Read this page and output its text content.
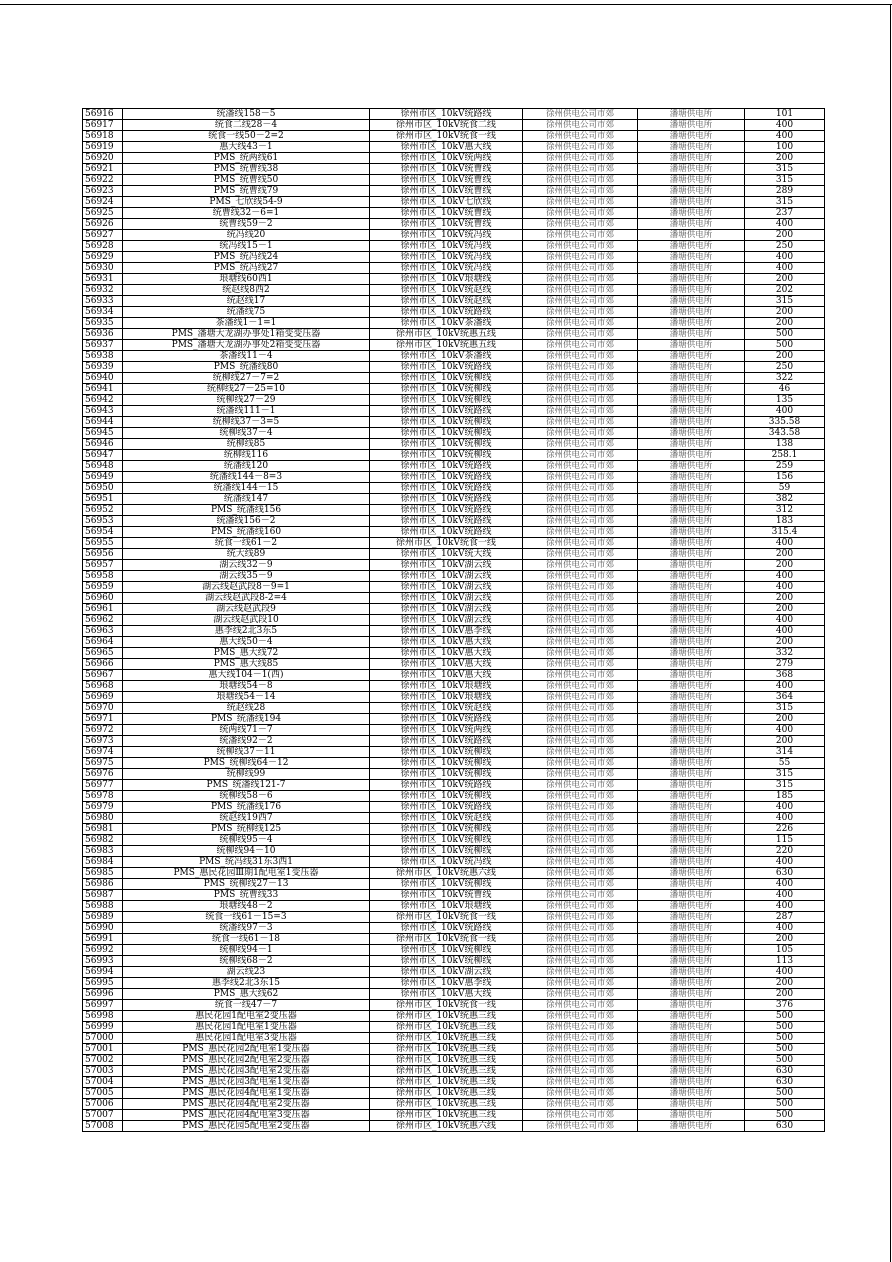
56916	统潘线158－5	徐州市区_10kV统路线	徐州供电公司市郊	潘塘供电所	101
56917	统食二线28－4	徐州市区_10kV统食二线	徐州供电公司市郊	潘塘供电所	400
56918	统食一线50－2=2	徐州市区_10kV统食一线	徐州供电公司市郊	潘塘供电所	400
56919	惠大线43－1	徐州市区_10kV惠大线	徐州供电公司市郊	潘塘供电所	100
56920	PMS_统两线61	徐州市区_10kV统两线	徐州供电公司市郊	潘塘供电所	200
56921	PMS_统曹线38	徐州市区_10kV统曹线	徐州供电公司市郊	潘塘供电所	315
56922	PMS_统曹线50	徐州市区_10kV统曹线	徐州供电公司市郊	潘塘供电所	315
56923	PMS_统曹线79	徐州市区_10kV统曹线	徐州供电公司市郊	潘塘供电所	289
56924	PMS_七欣线54-9	徐州市区_10kV七欣线	徐州供电公司市郊	潘塘供电所	315
56925	统曹线32－6=1	徐州市区_10kV统曹线	徐州供电公司市郊	潘塘供电所	237
56926	统曹线59－2	徐州市区_10kV统曹线	徐州供电公司市郊	潘塘供电所	400
56927	统冯线20	徐州市区_10kV统冯线	徐州供电公司市郊	潘塘供电所	200
56928	统冯线15－1	徐州市区_10kV统冯线	徐州供电公司市郊	潘塘供电所	250
56929	PMS_统冯线24	徐州市区_10kV统冯线	徐州供电公司市郊	潘塘供电所	400
56930	PMS_统冯线27	徐州市区_10kV统冯线	徐州供电公司市郊	潘塘供电所	400
56931	琅塘线60西1	徐州市区_10kV琅塘线	徐州供电公司市郊	潘塘供电所	200
56932	统赵线8西2	徐州市区_10kV统赵线	徐州供电公司市郊	潘塘供电所	202
56933	统赵线17	徐州市区_10kV统赵线	徐州供电公司市郊	潘塘供电所	315
56934	统潘线75	徐州市区_10kV统路线	徐州供电公司市郊	潘塘供电所	200
56935	茶潘线1－1=1	徐州市区_10kV茶潘线	徐州供电公司市郊	潘塘供电所	200
56936	PMS_潘塘大龙湖办事处1箱变变压器	徐州市区_10kV统惠五线	徐州供电公司市郊	潘塘供电所	500
56937	PMS_潘塘大龙湖办事处2箱变变压器	徐州市区_10kV统惠五线	徐州供电公司市郊	潘塘供电所	500
56938	茶潘线11－4	徐州市区_10kV茶潘线	徐州供电公司市郊	潘塘供电所	200
56939	PMS_统潘线80	徐州市区_10kV统路线	徐州供电公司市郊	潘塘供电所	250
56940	统柳线27－7=2	徐州市区_10kV统柳线	徐州供电公司市郊	潘塘供电所	322
56941	统柳线27－25=10	徐州市区_10kV统柳线	徐州供电公司市郊	潘塘供电所	46
56942	统柳线27－29	徐州市区_10kV统柳线	徐州供电公司市郊	潘塘供电所	135
56943	统潘线111－1	徐州市区_10kV统路线	徐州供电公司市郊	潘塘供电所	400
56944	统柳线37－3=5	徐州市区_10kV统柳线	徐州供电公司市郊	潘塘供电所	335.58
56945	统柳线37－4	徐州市区_10kV统柳线	徐州供电公司市郊	潘塘供电所	343.58
56946	统柳线85	徐州市区_10kV统柳线	徐州供电公司市郊	潘塘供电所	138
56947	统柳线116	徐州市区_10kV统柳线	徐州供电公司市郊	潘塘供电所	258.1
56948	统潘线120	徐州市区_10kV统路线	徐州供电公司市郊	潘塘供电所	259
56949	统潘线144－8=3	徐州市区_10kV统路线	徐州供电公司市郊	潘塘供电所	156
56950	统潘线144－15	徐州市区_10kV统路线	徐州供电公司市郊	潘塘供电所	59
56951	统潘线147	徐州市区_10kV统路线	徐州供电公司市郊	潘塘供电所	382
56952	PMS_统潘线156	徐州市区_10kV统路线	徐州供电公司市郊	潘塘供电所	312
56953	统潘线156－2	徐州市区_10kV统路线	徐州供电公司市郊	潘塘供电所	183
56954	PMS_统潘线160	徐州市区_10kV统路线	徐州供电公司市郊	潘塘供电所	315.4
56955	统食一线61－2	徐州市区_10kV统食一线	徐州供电公司市郊	潘塘供电所	400
56956	统大线89	徐州市区_10kV统大线	徐州供电公司市郊	潘塘供电所	200
56957	湖云线32－9	徐州市区_10kV湖云线	徐州供电公司市郊	潘塘供电所	200
56958	湖云线35－9	徐州市区_10kV湖云线	徐州供电公司市郊	潘塘供电所	400
56959	湖云线赵武段8－9=1	徐州市区_10kV湖云线	徐州供电公司市郊	潘塘供电所	400
56960	湖云线赵武段8-2=4	徐州市区_10kV湖云线	徐州供电公司市郊	潘塘供电所	200
56961	湖云线赵武段9	徐州市区_10kV湖云线	徐州供电公司市郊	潘塘供电所	200
56962	湖云线赵武段10	徐州市区_10kV湖云线	徐州供电公司市郊	潘塘供电所	400
56963	惠李线2北3东5	徐州市区_10kV惠李线	徐州供电公司市郊	潘塘供电所	400
56964	惠大线50－4	徐州市区_10kV惠大线	徐州供电公司市郊	潘塘供电所	200
56965	PMS_惠大线72	徐州市区_10kV惠大线	徐州供电公司市郊	潘塘供电所	332
56966	PMS_惠大线85	徐州市区_10kV惠大线	徐州供电公司市郊	潘塘供电所	279
56967	惠大线104－1(西)	徐州市区_10kV惠大线	徐州供电公司市郊	潘塘供电所	368
56968	琅塘线54－8	徐州市区_10kV琅塘线	徐州供电公司市郊	潘塘供电所	400
56969	琅塘线54－14	徐州市区_10kV琅塘线	徐州供电公司市郊	潘塘供电所	364
56970	统赵线28	徐州市区_10kV统赵线	徐州供电公司市郊	潘塘供电所	315
56971	PMS_统潘线194	徐州市区_10kV统路线	徐州供电公司市郊	潘塘供电所	200
56972	统两线71－7	徐州市区_10kV统两线	徐州供电公司市郊	潘塘供电所	400
56973	统潘线92－2	徐州市区_10kV统路线	徐州供电公司市郊	潘塘供电所	200
56974	统柳线37－11	徐州市区_10kV统柳线	徐州供电公司市郊	潘塘供电所	314
56975	PMS_统柳线64－12	徐州市区_10kV统柳线	徐州供电公司市郊	潘塘供电所	55
56976	统柳线99	徐州市区_10kV统柳线	徐州供电公司市郊	潘塘供电所	315
56977	PMS_统潘线121-7	徐州市区_10kV统路线	徐州供电公司市郊	潘塘供电所	315
56978	统柳线58－6	徐州市区_10kV统柳线	徐州供电公司市郊	潘塘供电所	185
56979	PMS_统潘线176	徐州市区_10kV统路线	徐州供电公司市郊	潘塘供电所	400
56980	统赵线19西7	徐州市区_10kV统赵线	徐州供电公司市郊	潘塘供电所	400
56981	PMS_统柳线125	徐州市区_10kV统柳线	徐州供电公司市郊	潘塘供电所	226
56982	统柳线95－4	徐州市区_10kV统柳线	徐州供电公司市郊	潘塘供电所	115
56983	统柳线94－10	徐州市区_10kV统柳线	徐州供电公司市郊	潘塘供电所	220
56984	PMS_统冯线31东3西1	徐州市区_10kV统冯线	徐州供电公司市郊	潘塘供电所	400
56985	PMS_惠民花园Ⅲ期1配电室1变压器	徐州市区_10kV统惠六线	徐州供电公司市郊	潘塘供电所	630
56986	PMS_统柳线27－13	徐州市区_10kV统柳线	徐州供电公司市郊	潘塘供电所	400
56987	PMS_统曹线33	徐州市区_10kV统曹线	徐州供电公司市郊	潘塘供电所	400
56988	琅塘线48－2	徐州市区_10kV琅塘线	徐州供电公司市郊	潘塘供电所	400
56989	统食一线61－15=3	徐州市区_10kV统食一线	徐州供电公司市郊	潘塘供电所	287
56990	统潘线97－3	徐州市区_10kV统路线	徐州供电公司市郊	潘塘供电所	400
56991	统食一线61－18	徐州市区_10kV统食一线	徐州供电公司市郊	潘塘供电所	200
56992	统柳线94－1	徐州市区_10kV统柳线	徐州供电公司市郊	潘塘供电所	105
56993	统柳线68－2	徐州市区_10kV统柳线	徐州供电公司市郊	潘塘供电所	113
56994	湖云线23	徐州市区_10kV湖云线	徐州供电公司市郊	潘塘供电所	400
56995	惠李线2北3东15	徐州市区_10kV惠李线	徐州供电公司市郊	潘塘供电所	200
56996	PMS_惠大线62	徐州市区_10kV惠大线	徐州供电公司市郊	潘塘供电所	200
56997	统食一线47－7	徐州市区_10kV统食一线	徐州供电公司市郊	潘塘供电所	376
56998	惠民花园1配电室2变压器	徐州市区_10kV统惠三线	徐州供电公司市郊	潘塘供电所	500
56999	惠民花园1配电室1变压器	徐州市区_10kV统惠三线	徐州供电公司市郊	潘塘供电所	500
57000	惠民花园1配电室3变压器	徐州市区_10kV统惠三线	徐州供电公司市郊	潘塘供电所	500
57001	PMS_惠民花园2配电室1变压器	徐州市区_10kV统惠三线	徐州供电公司市郊	潘塘供电所	500
57002	PMS_惠民花园2配电室2变压器	徐州市区_10kV统惠三线	徐州供电公司市郊	潘塘供电所	500
57003	PMS_惠民花园3配电室2变压器	徐州市区_10kV统惠三线	徐州供电公司市郊	潘塘供电所	630
57004	PMS_惠民花园3配电室1变压器	徐州市区_10kV统惠三线	徐州供电公司市郊	潘塘供电所	630
57005	PMS_惠民花园4配电室1变压器	徐州市区_10kV统惠三线	徐州供电公司市郊	潘塘供电所	500
57006	PMS_惠民花园4配电室2变压器	徐州市区_10kV统惠三线	徐州供电公司市郊	潘塘供电所	500
57007	PMS_惠民花园4配电室3变压器	徐州市区_10kV统惠三线	徐州供电公司市郊	潘塘供电所	500
57008	PMS_惠民花园5配电室2变压器	徐州市区_10kV统惠六线	徐州供电公司市郊	潘塘供电所	630
